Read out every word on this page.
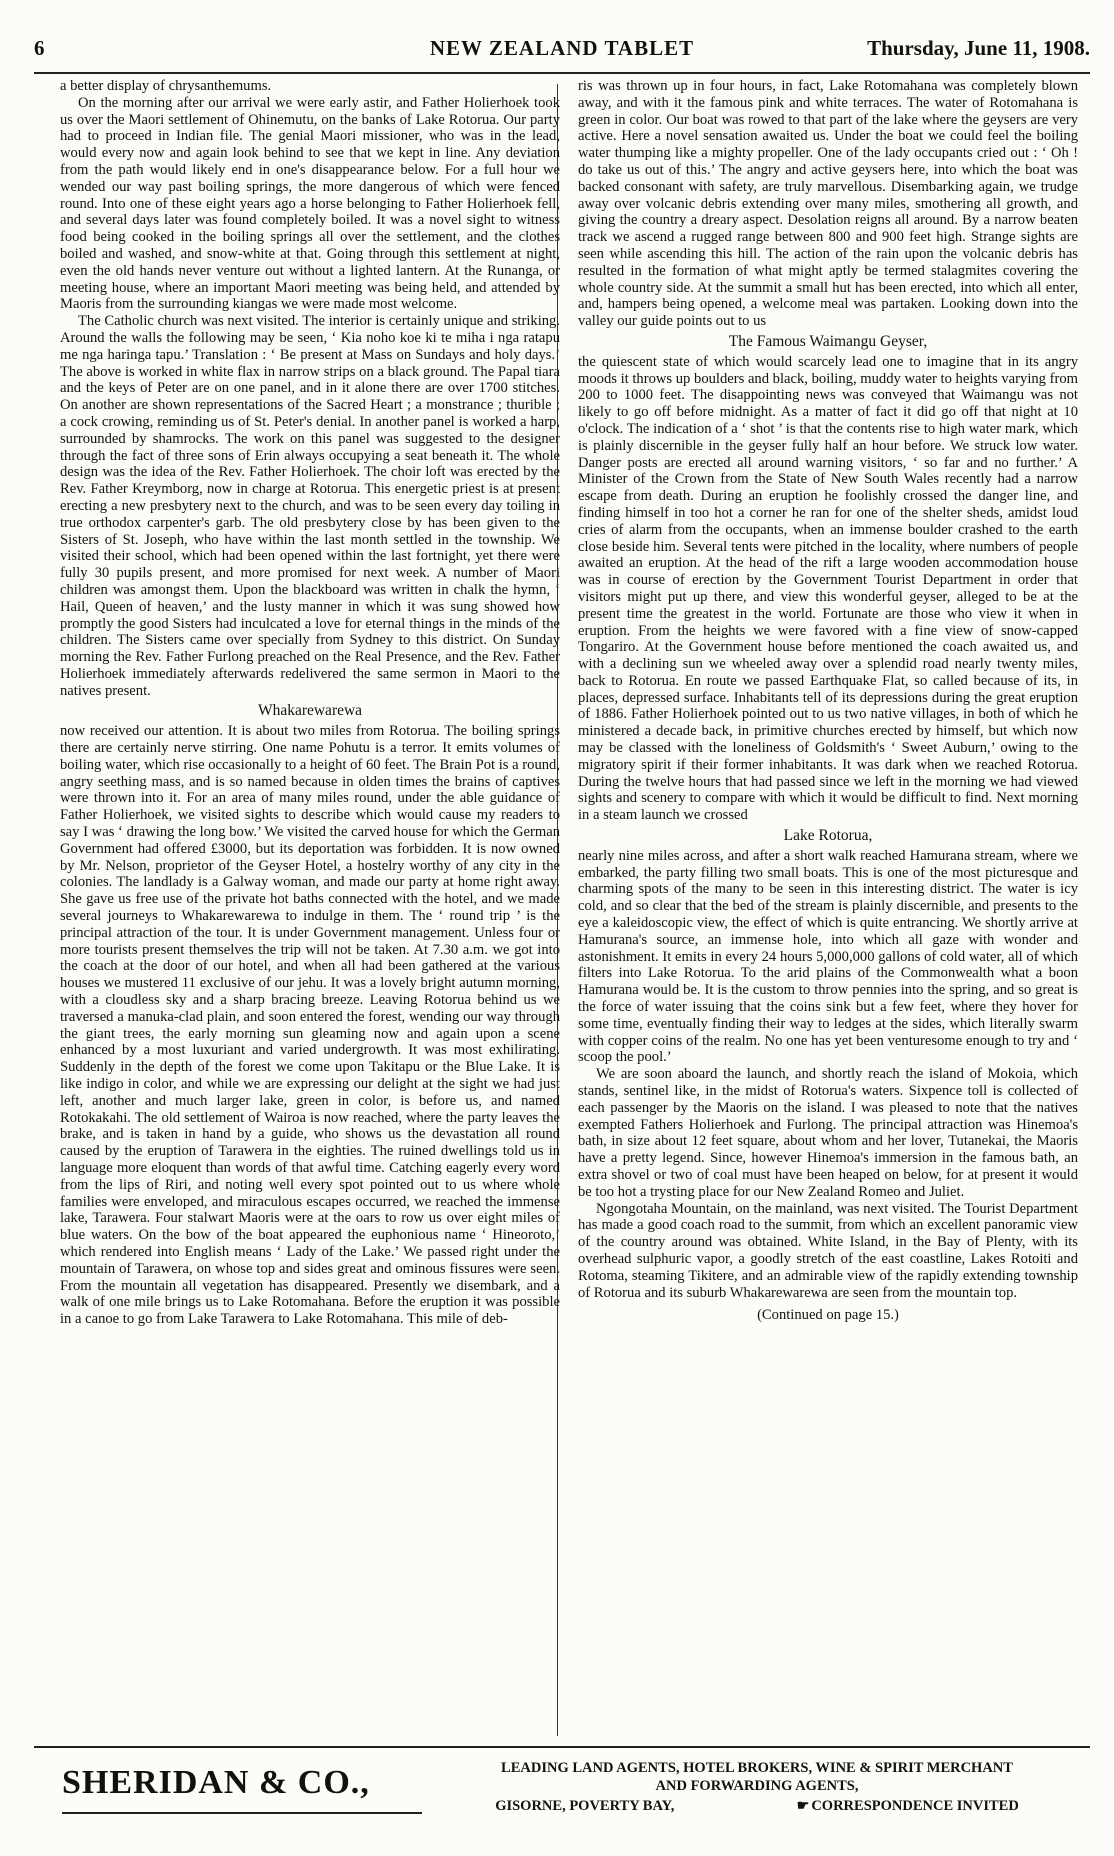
6	NEW ZEALAND TABLET	Thursday, June 11, 1908.

a better display of chrysanthemums.

On the morning after our arrival we were early astir, and Father Holierhoek took us over the Maori settlement of Ohinemutu, on the banks of Lake Rotorua. Our party had to proceed in Indian file. The genial Maori missioner, who was in the lead, would every now and again look behind to see that we kept in line. Any deviation from the path would likely end in one's disappearance below. For a full hour we wended our way past boiling springs, the more dangerous of which were fenced round. Into one of these eight years ago a horse belonging to Father Holierhoek fell, and several days later was found completely boiled. It was a novel sight to witness food being cooked in the boiling springs all over the settlement, and the clothes boiled and washed, and snow-white at that. Going through this settlement at night, even the old hands never venture out without a lighted lantern. At the Runanga, or meeting house, where an important Maori meeting was being held, and attended by Maoris from the surrounding kiangas we were made most welcome.

The Catholic church was next visited. The interior is certainly unique and striking. Around the walls the following may be seen, ‘ Kia noho koe ki te miha i nga ratapu me nga haringa tapu.’ Translation : ‘ Be present at Mass on Sundays and holy days.’ The above is worked in white flax in narrow strips on a black ground. The Papal tiara and the keys of Peter are on one panel, and in it alone there are over 1700 stitches. On another are shown representations of the Sacred Heart ; a monstrance ; thurible ; a cock crowing, reminding us of St. Peter's denial. In another panel is worked a harp, surrounded by shamrocks. The work on this panel was suggested to the designer through the fact of three sons of Erin always occupying a seat beneath it. The whole design was the idea of the Rev. Father Holierhoek. The choir loft was erected by the Rev. Father Kreymborg, now in charge at Rotorua. This energetic priest is at present erecting a new presbytery next to the church, and was to be seen every day toiling in true orthodox carpenter's garb. The old presbytery close by has been given to the Sisters of St. Joseph, who have within the last month settled in the township. We visited their school, which had been opened within the last fortnight, yet there were fully 30 pupils present, and more promised for next week. A number of Maori children was amongst them. Upon the blackboard was written in chalk the hymn, ‘ Hail, Queen of heaven,’ and the lusty manner in which it was sung showed how promptly the good Sisters had inculcated a love for eternal things in the minds of the children. The Sisters came over specially from Sydney to this district. On Sunday morning the Rev. Father Furlong preached on the Real Presence, and the Rev. Father Holierhoek immediately afterwards redelivered the same sermon in Maori to the natives present.

Whakarewarewa

now received our attention. It is about two miles from Rotorua. The boiling springs there are certainly nerve stirring. One name Pohutu is a terror. It emits volumes of boiling water, which rise occasionally to a height of 60 feet. The Brain Pot is a round, angry seething mass, and is so named because in olden times the brains of captives were thrown into it. For an area of many miles round, under the able guidance of Father Holierhoek, we visited sights to describe which would cause my readers to say I was ‘ drawing the long bow.’ We visited the carved house for which the German Government had offered £3000, but its deportation was forbidden. It is now owned by Mr. Nelson, proprietor of the Geyser Hotel, a hostelry worthy of any city in the colonies. The landlady is a Galway woman, and made our party at home right away. She gave us free use of the private hot baths connected with the hotel, and we made several journeys to Whakarewarewa to indulge in them. The ‘ round trip ’ is the principal attraction of the tour. It is under Government management. Unless four or more tourists present themselves the trip will not be taken. At 7.30 a.m. we got into the coach at the door of our hotel, and when all had been gathered at the various houses we mustered 11 exclusive of our jehu. It was a lovely bright autumn morning, with a cloudless sky and a sharp bracing breeze. Leaving Rotorua behind us we traversed a manuka-clad plain, and soon entered the forest, wending our way through the giant trees, the early morning sun gleaming now and again upon a scene enhanced by a most luxuriant and varied undergrowth. It was most exhilirating. Suddenly in the depth of the forest we come upon Takitapu or the Blue Lake. It is like indigo in color, and while we are expressing our delight at the sight we had just left, another and much larger lake, green in color, is before us, and named Rotokakahi. The old settlement of Wairoa is now reached, where the party leaves the brake, and is taken in hand by a guide, who shows us the devastation all round caused by the eruption of Tarawera in the eighties. The ruined dwellings told us in language more eloquent than words of that awful time. Catching eagerly every word from the lips of Riri, and noting well every spot pointed out to us where whole families were enveloped, and miraculous escapes occurred, we reached the immense lake, Tarawera. Four stalwart Maoris were at the oars to row us over eight miles of blue waters. On the bow of the boat appeared the euphonious name ‘ Hineoroto,’ which rendered into English means ‘ Lady of the Lake.’ We passed right under the mountain of Tarawera, on whose top and sides great and ominous fissures were seen. From the mountain all vegetation has disappeared. Presently we disembark, and a walk of one mile brings us to Lake Rotomahana. Before the eruption it was possible in a canoe to go from Lake Tarawera to Lake Rotomahana. This mile of deb-

ris was thrown up in four hours, in fact, Lake Rotomahana was completely blown away, and with it the famous pink and white terraces. The water of Rotomahana is green in color. Our boat was rowed to that part of the lake where the geysers are very active. Here a novel sensation awaited us. Under the boat we could feel the boiling water thumping like a mighty propeller. One of the lady occupants cried out : ‘ Oh ! do take us out of this.’ The angry and active geysers here, into which the boat was backed consonant with safety, are truly marvellous. Disembarking again, we trudge away over volcanic debris extending over many miles, smothering all growth, and giving the country a dreary aspect. Desolation reigns all around. By a narrow beaten track we ascend a rugged range between 800 and 900 feet high. Strange sights are seen while ascending this hill. The action of the rain upon the volcanic debris has resulted in the formation of what might aptly be termed stalagmites covering the whole country side. At the summit a small hut has been erected, into which all enter, and, hampers being opened, a welcome meal was partaken. Looking down into the valley our guide points out to us

The Famous Waimangu Geyser,

the quiescent state of which would scarcely lead one to imagine that in its angry moods it throws up boulders and black, boiling, muddy water to heights varying from 200 to 1000 feet. The disappointing news was conveyed that Waimangu was not likely to go off before midnight. As a matter of fact it did go off that night at 10 o'clock. The indication of a ‘ shot ’ is that the contents rise to high water mark, which is plainly discernible in the geyser fully half an hour before. We struck low water. Danger posts are erected all around warning visitors, ‘ so far and no further.’ A Minister of the Crown from the State of New South Wales recently had a narrow escape from death. During an eruption he foolishly crossed the danger line, and finding himself in too hot a corner he ran for one of the shelter sheds, amidst loud cries of alarm from the occupants, when an immense boulder crashed to the earth close beside him. Several tents were pitched in the locality, where numbers of people awaited an eruption. At the head of the rift a large wooden accommodation house was in course of erection by the Government Tourist Department in order that visitors might put up there, and view this wonderful geyser, alleged to be at the present time the greatest in the world. Fortunate are those who view it when in eruption. From the heights we were favored with a fine view of snow-capped Tongariro. At the Government house before mentioned the coach awaited us, and with a declining sun we wheeled away over a splendid road nearly twenty miles, back to Rotorua. En route we passed Earthquake Flat, so called because of its, in places, depressed surface. Inhabitants tell of its depressions during the great eruption of 1886. Father Holierhoek pointed out to us two native villages, in both of which he ministered a decade back, in primitive churches erected by himself, but which now may be classed with the loneliness of Goldsmith's ‘ Sweet Auburn,’ owing to the migratory spirit if their former inhabitants. It was dark when we reached Rotorua. During the twelve hours that had passed since we left in the morning we had viewed sights and scenery to compare with which it would be difficult to find. Next morning in a steam launch we crossed

Lake Rotorua,

nearly nine miles across, and after a short walk reached Hamurana stream, where we embarked, the party filling two small boats. This is one of the most picturesque and charming spots of the many to be seen in this interesting district. The water is icy cold, and so clear that the bed of the stream is plainly discernible, and presents to the eye a kaleidoscopic view, the effect of which is quite entrancing. We shortly arrive at Hamurana's source, an immense hole, into which all gaze with wonder and astonishment. It emits in every 24 hours 5,000,000 gallons of cold water, all of which filters into Lake Rotorua. To the arid plains of the Commonwealth what a boon Hamurana would be. It is the custom to throw pennies into the spring, and so great is the force of water issuing that the coins sink but a few feet, where they hover for some time, eventually finding their way to ledges at the sides, which literally swarm with copper coins of the realm. No one has yet been venturesome enough to try and ‘ scoop the pool.’

We are soon aboard the launch, and shortly reach the island of Mokoia, which stands, sentinel like, in the midst of Rotorua's waters. Sixpence toll is collected of each passenger by the Maoris on the island. I was pleased to note that the natives exempted Fathers Holierhoek and Furlong. The principal attraction was Hinemoa's bath, in size about 12 feet square, about whom and her lover, Tutanekai, the Maoris have a pretty legend. Since, however Hinemoa's immersion in the famous bath, an extra shovel or two of coal must have been heaped on below, for at present it would be too hot a trysting place for our New Zealand Romeo and Juliet.

Ngongotaha Mountain, on the mainland, was next visited. The Tourist Department has made a good coach road to the summit, from which an excellent panoramic view of the country around was obtained. White Island, in the Bay of Plenty, with its overhead sulphuric vapor, a goodly stretch of the east coastline, Lakes Rotoiti and Rotoma, steaming Tikitere, and an admirable view of the rapidly extending township of Rotorua and its suburb Whakarewarewa are seen from the mountain top.

(Continued on page 15.)
SHERIDAN & CO.,	LEADING LAND AGENTS, HOTEL BROKERS, WINE & SPIRIT MERCHANT
AND FORWARDING AGENTS,
GISORNE, POVERTY BAY,	☛ CORRESPONDENCE INVITED
